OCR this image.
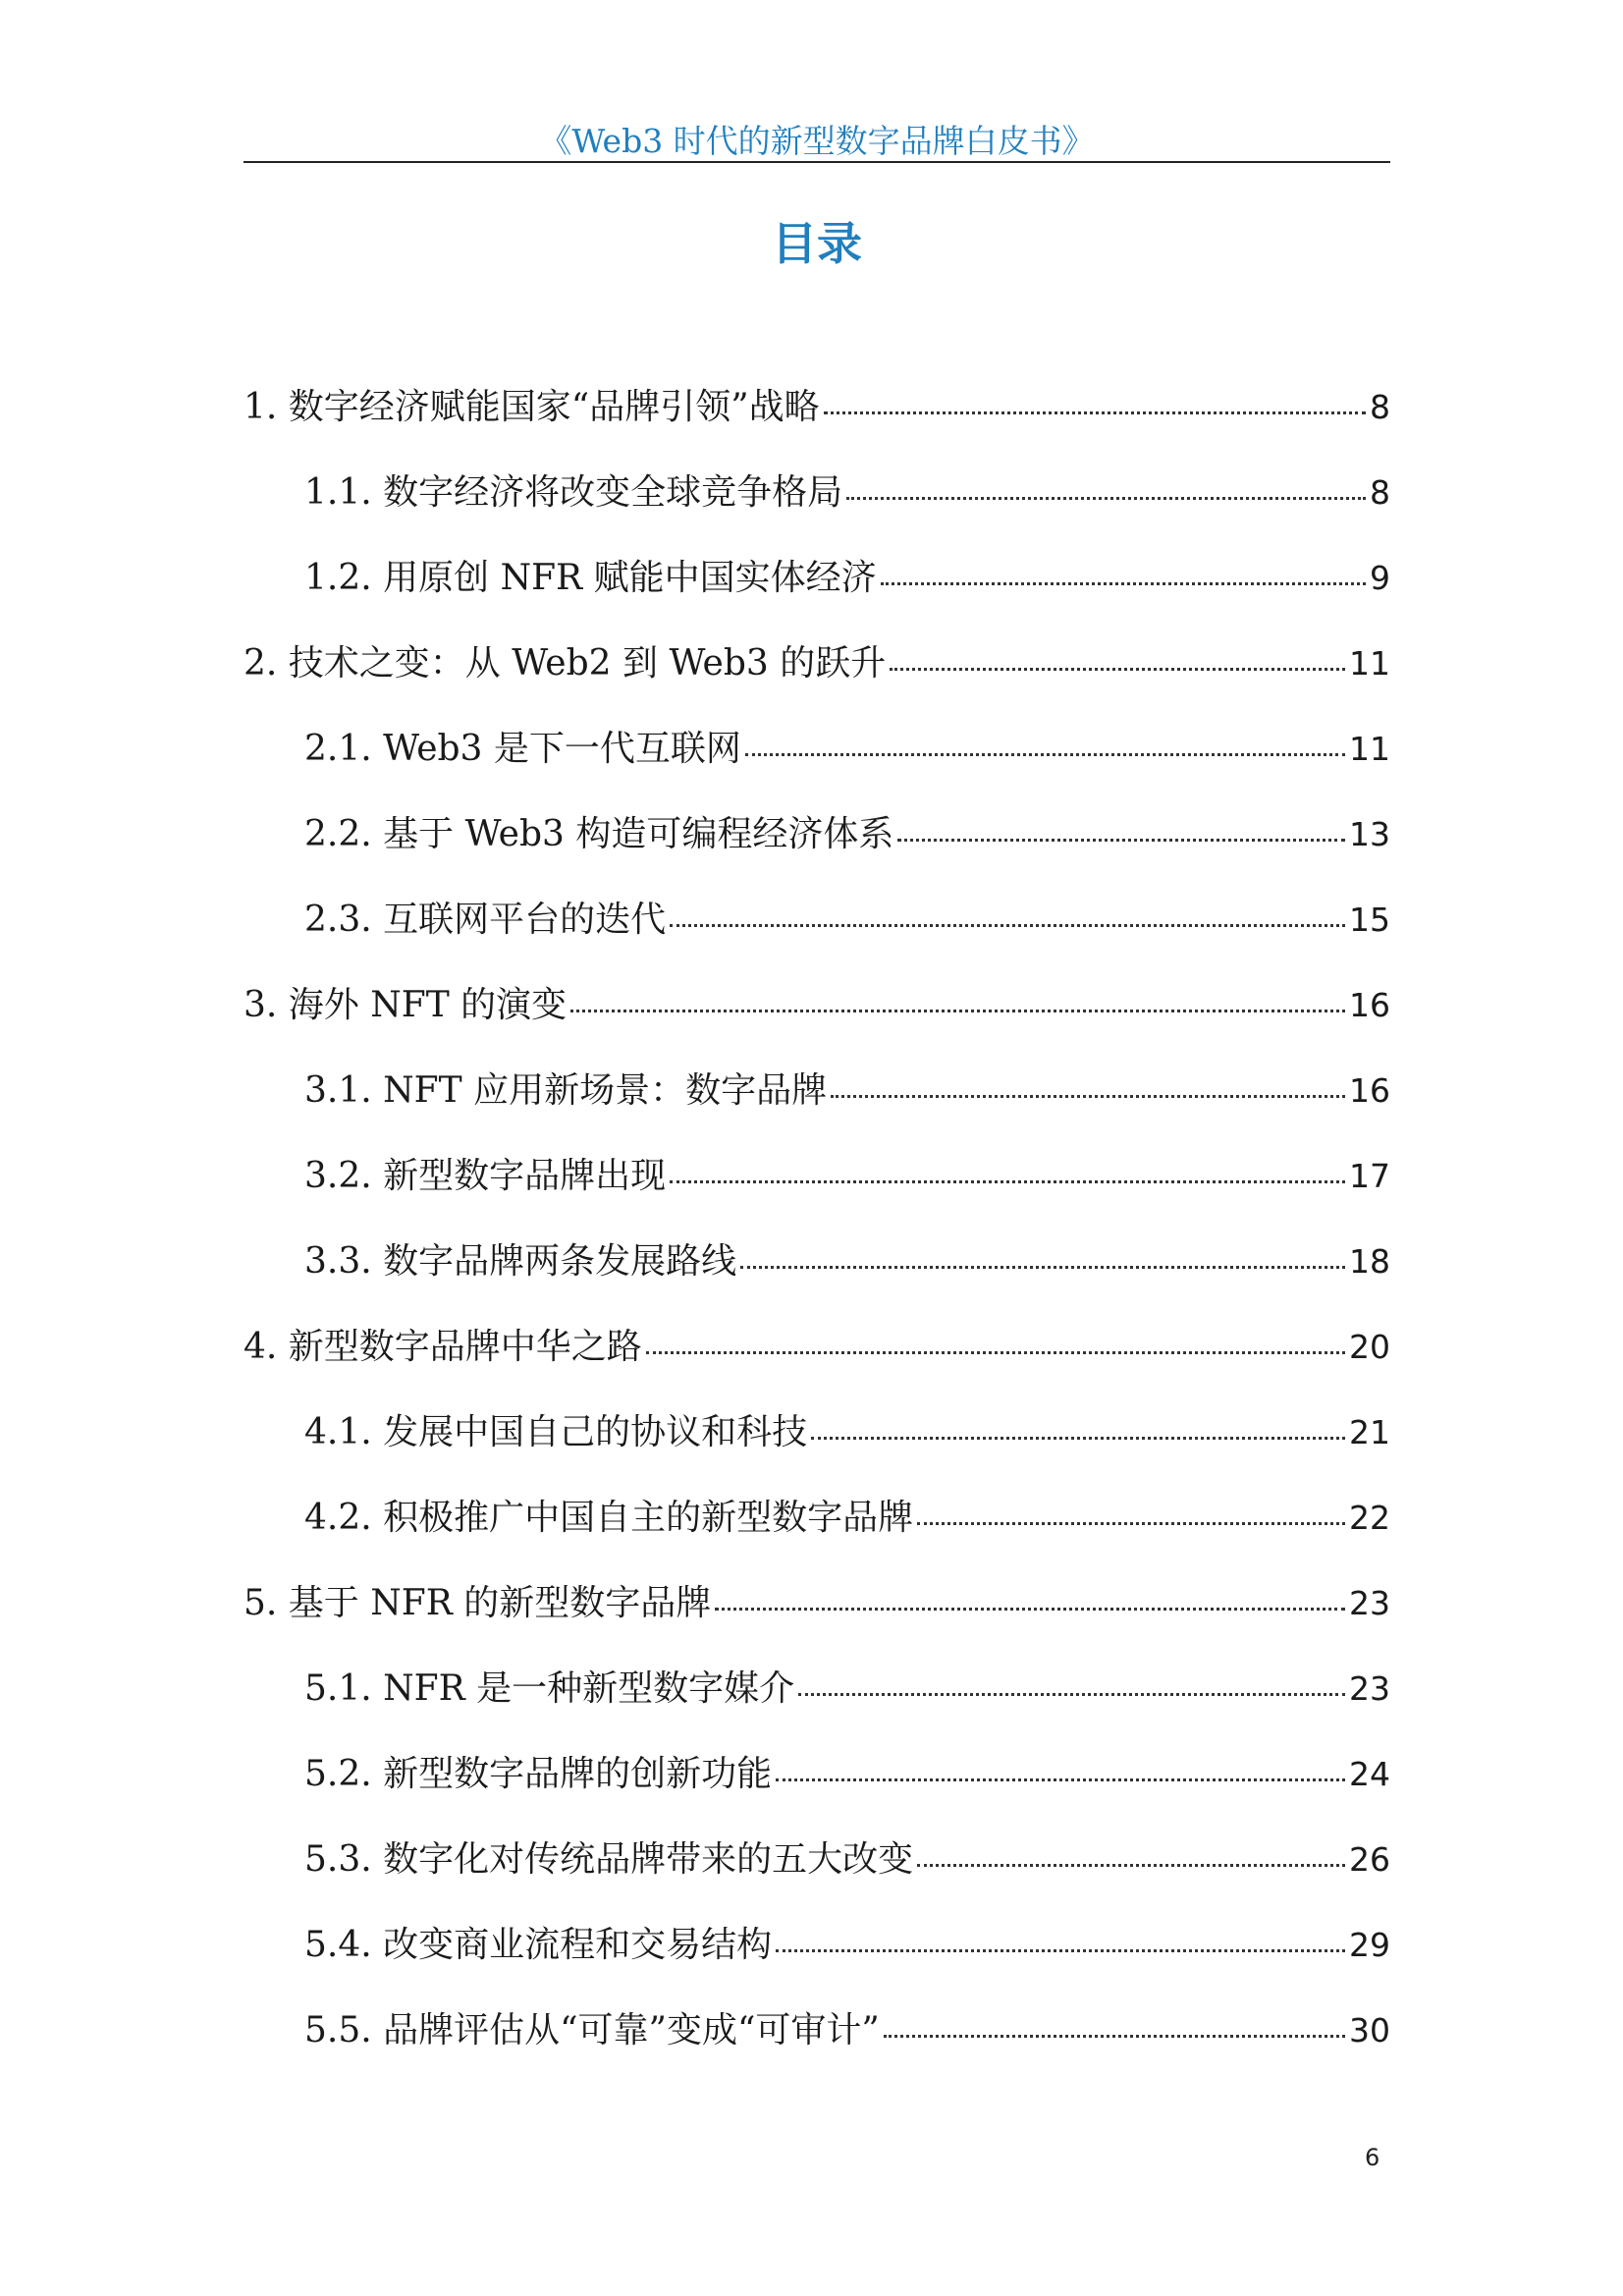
《Web3 时代的新型数字品牌白皮书》
目录
1. 数字经济赋能国家“品牌引领”战略	8
1.1. 数字经济将改变全球竞争格局	8
1.2. 用原创 NFR 赋能中国实体经济	9
2. 技术之变：从 Web2 到 Web3 的跃升	11
2.1. Web3 是下一代互联网	11
2.2. 基于 Web3 构造可编程经济体系	13
2.3. 互联网平台的迭代	15
3. 海外 NFT 的演变	16
3.1. NFT 应用新场景：数字品牌	16
3.2. 新型数字品牌出现	17
3.3. 数字品牌两条发展路线	18
4. 新型数字品牌中华之路	20
4.1. 发展中国自己的协议和科技	21
4.2. 积极推广中国自主的新型数字品牌	22
5. 基于 NFR 的新型数字品牌	23
5.1. NFR 是一种新型数字媒介	23
5.2. 新型数字品牌的创新功能	24
5.3. 数字化对传统品牌带来的五大改变	26
5.4. 改变商业流程和交易结构	29
5.5. 品牌评估从“可靠”变成“可审计”	30
6
